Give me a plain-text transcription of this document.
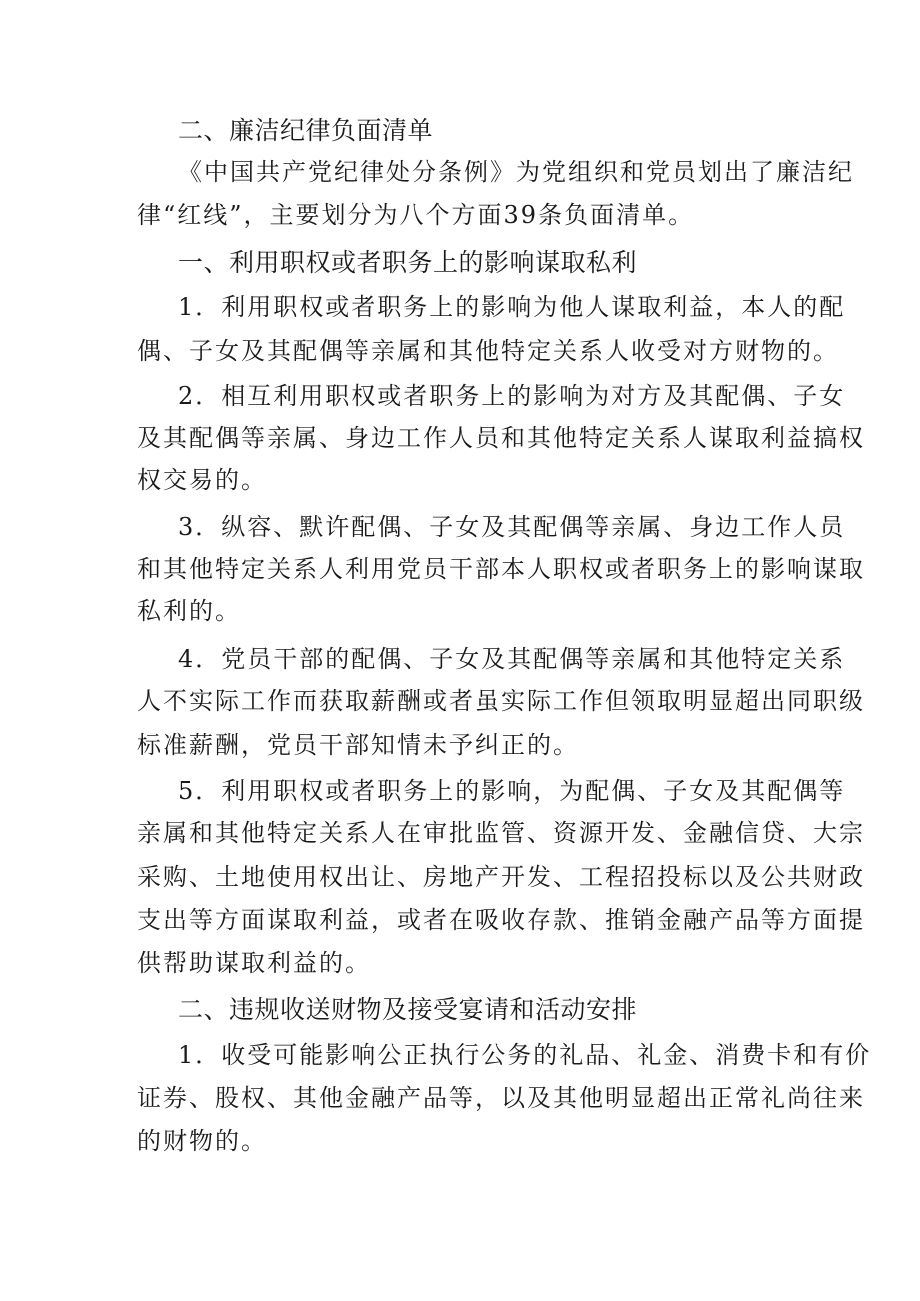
二、廉洁纪律负面清单
《中国共产党纪律处分条例》为党组织和党员划出了廉洁纪
律“红线”，主要划分为八个方面39条负面清单。
一、利用职权或者职务上的影响谋取私利
1．利用职权或者职务上的影响为他人谋取利益，本人的配
偶、子女及其配偶等亲属和其他特定关系人收受对方财物的。
2．相互利用职权或者职务上的影响为对方及其配偶、子女
及其配偶等亲属、身边工作人员和其他特定关系人谋取利益搞权
权交易的。
3．纵容、默许配偶、子女及其配偶等亲属、身边工作人员
和其他特定关系人利用党员干部本人职权或者职务上的影响谋取
私利的。
4．党员干部的配偶、子女及其配偶等亲属和其他特定关系
人不实际工作而获取薪酬或者虽实际工作但领取明显超出同职级
标准薪酬，党员干部知情未予纠正的。
5．利用职权或者职务上的影响，为配偶、子女及其配偶等
亲属和其他特定关系人在审批监管、资源开发、金融信贷、大宗
采购、土地使用权出让、房地产开发、工程招投标以及公共财政
支出等方面谋取利益，或者在吸收存款、推销金融产品等方面提
供帮助谋取利益的。
二、违规收送财物及接受宴请和活动安排
1．收受可能影响公正执行公务的礼品、礼金、消费卡和有价
证券、股权、其他金融产品等，以及其他明显超出正常礼尚往来
的财物的。
